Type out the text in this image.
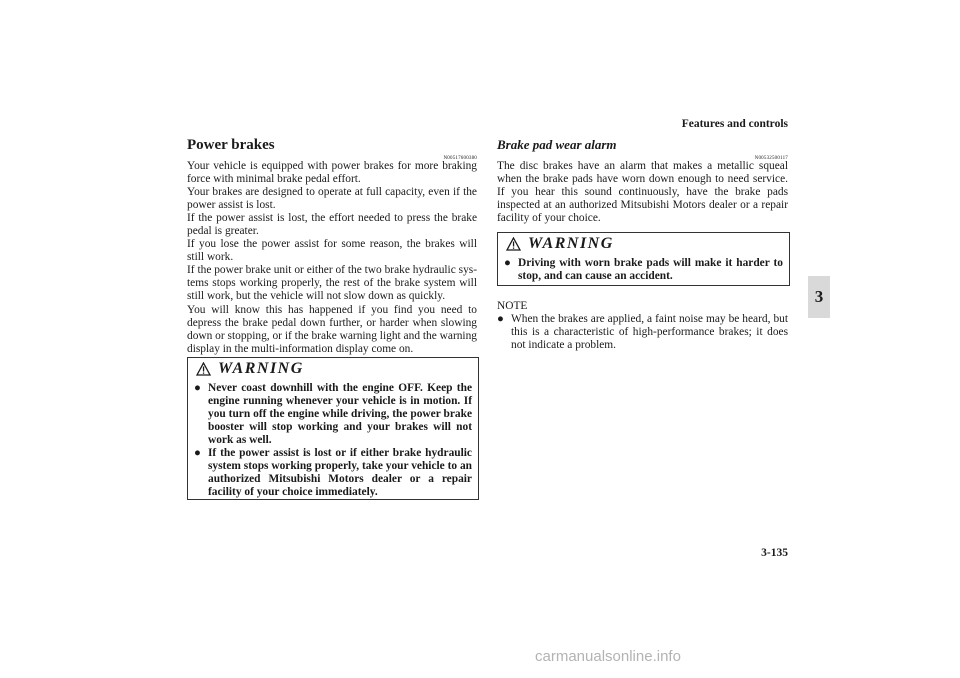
Features and controls
3
Power brakes
N00517600380
Your vehicle is equipped with power brakes for more braking force with minimal brake pedal effort.
Your brakes are designed to operate at full capacity, even if the power assist is lost.
If the power assist is lost, the effort needed to press the brake pedal is greater.
If you lose the power assist for some reason, the brakes will still work.
If the power brake unit or either of the two brake hydraulic sys-tems stops working properly, the rest of the brake system will still work, but the vehicle will not slow down as quickly.
You will know this has happened if you find you need to depress the brake pedal down further, or harder when slowing down or stopping, or if the brake warning light and the warning display in the multi-information display come on.
WARNING
● Never coast downhill with the engine OFF. Keep the engine running whenever your vehicle is in motion. If you turn off the engine while driving, the power brake booster will stop working and your brakes will not work as well.
● If the power assist is lost or if either brake hydraulic system stops working properly, take your vehicle to an authorized Mitsubishi Motors dealer or a repair facility of your choice immediately.
Brake pad wear alarm
N00532500117
The disc brakes have an alarm that makes a metallic squeal when the brake pads have worn down enough to need service. If you hear this sound continuously, have the brake pads inspected at an authorized Mitsubishi Motors dealer or a repair facility of your choice.
WARNING
● Driving with worn brake pads will make it harder to stop, and can cause an accident.
NOTE
● When the brakes are applied, a faint noise may be heard, but this is a characteristic of high-performance brakes; it does not indicate a problem.
3-135
carmanualsonline.info
